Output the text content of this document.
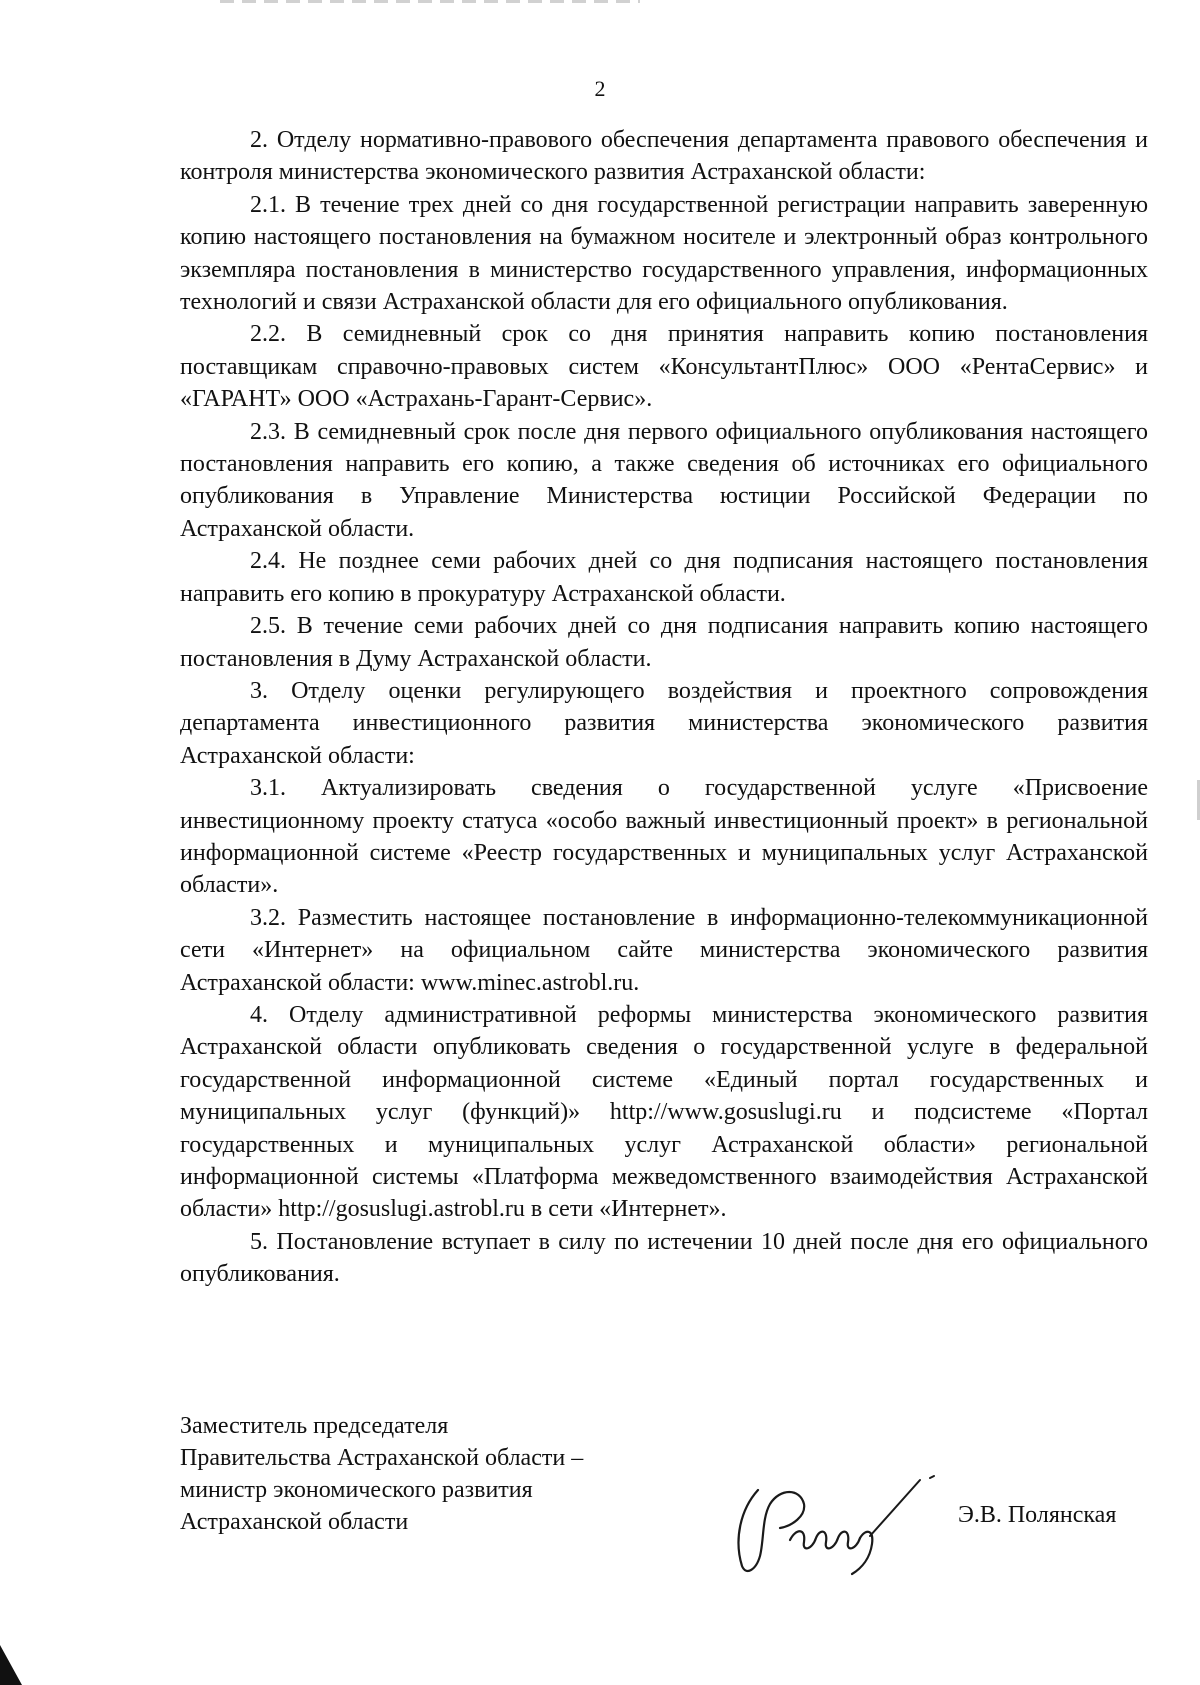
2

2. Отделу нормативно-правового обеспечения департамента правового обеспечения и контроля министерства экономического развития Астраханской области:

2.1. В течение трех дней со дня государственной регистрации направить заверенную копию настоящего постановления на бумажном носителе и электронный образ контрольного экземпляра постановления в министерство государственного управления, информационных технологий и связи Астраханской области для его официального опубликования.

2.2. В семидневный срок со дня принятия направить копию постановления поставщикам справочно-правовых систем «КонсультантПлюс» ООО «РентаСервис» и «ГАРАНТ» ООО «Астрахань-Гарант-Сервис».

2.3. В семидневный срок после дня первого официального опубликования настоящего постановления направить его копию, а также сведения об источниках его официального опубликования в Управление Министерства юстиции Российской Федерации по Астраханской области.

2.4. Не позднее семи рабочих дней со дня подписания настоящего постановления направить его копию в прокуратуру Астраханской области.

2.5. В течение семи рабочих дней со дня подписания направить копию настоящего постановления в Думу Астраханской области.

3. Отделу оценки регулирующего воздействия и проектного сопровождения департамента инвестиционного развития министерства экономического развития Астраханской области:

3.1. Актуализировать сведения о государственной услуге «Присвоение инвестиционному проекту статуса «особо важный инвестиционный проект» в региональной информационной системе «Реестр государственных и муниципальных услуг Астраханской области».

3.2. Разместить настоящее постановление в информационно-телекоммуникационной сети «Интернет» на официальном сайте министерства экономического развития Астраханской области: www.minec.astrobl.ru.

4. Отделу административной реформы министерства экономического развития Астраханской области опубликовать сведения о государственной услуге в федеральной государственной информационной системе «Единый портал государственных и муниципальных услуг (функций)» http://www.gosuslugi.ru и подсистеме «Портал государственных и муниципальных услуг Астраханской области» региональной информационной системы «Платформа межведомственного взаимодействия Астраханской области» http://gosuslugi.astrobl.ru в сети «Интернет».

5. Постановление вступает в силу по истечении 10 дней после дня его официального опубликования.

Заместитель председателя
Правительства Астраханской области –
министр экономического развития
Астраханской области	Э.В. Полянская
